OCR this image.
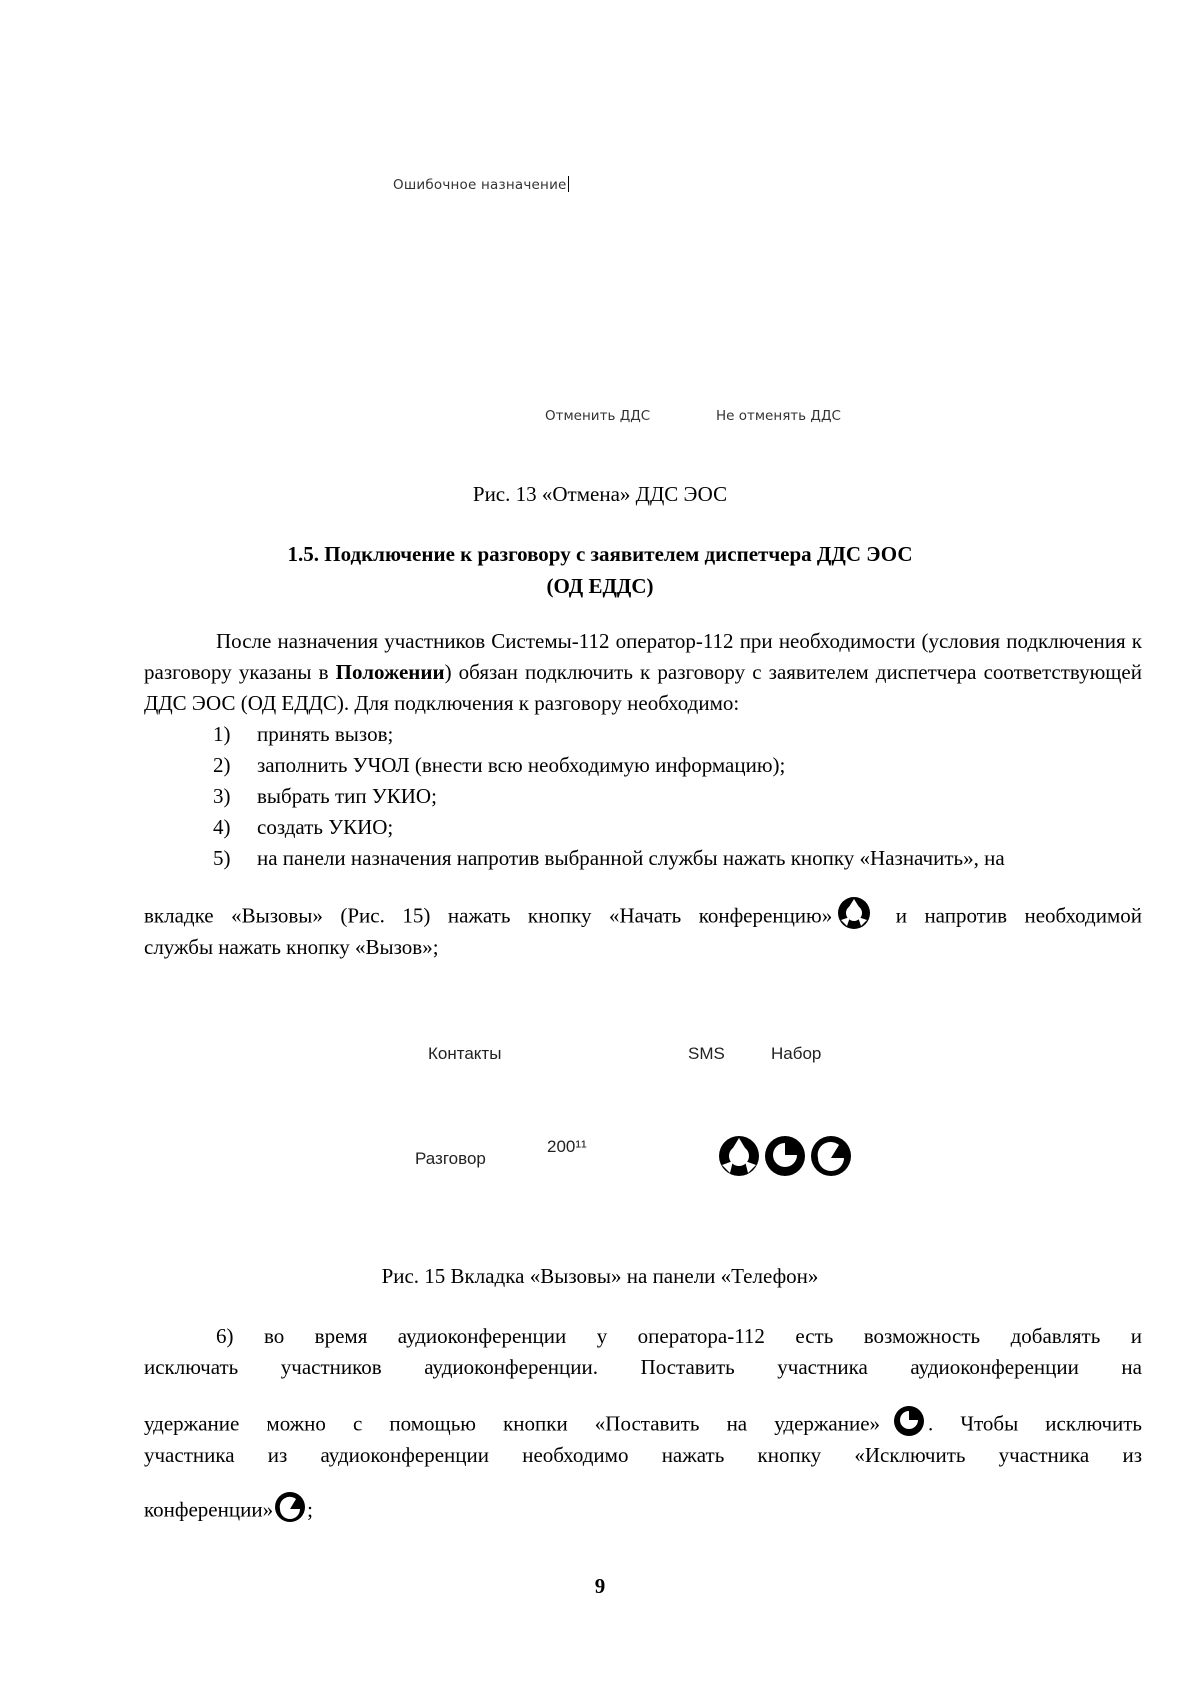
Ошибочное назначение
Отменить ДДС	Не отменять ДДС
Рис. 13 «Отмена» ДДС ЭОС
1.5. Подключение к разговору с заявителем диспетчера ДДС ЭОС
(ОД ЕДДС)
После назначения участников Системы-112 оператор-112 при необходимости (условия подключения к разговору указаны в Положении) обязан подключить к разговору с заявителем диспетчера соответствующей ДДС ЭОС (ОД ЕДДС). Для подключения к разговору необходимо:
1) принять вызов;
2) заполнить УЧОЛ (внести всю необходимую информацию);
3) выбрать тип УКИО;
4) создать УКИО;
5) на панели назначения напротив выбранной службы нажать кнопку «Назначить», на
вкладке «Вызовы» (Рис. 15) нажать кнопку «Начать конференцию» и напротив необходимой
службы нажать кнопку «Вызов»;
Контакты	SMS	Набор
Разговор
200¹¹
Рис. 15 Вкладка «Вызовы» на панели «Телефон»
6) во время аудиоконференции у оператора-112 есть возможность добавлять и
исключать участников аудиоконференции. Поставить участника аудиоконференции на
удержание можно с помощью кнопки «Поставить на удержание» . Чтобы исключить
участника из аудиоконференции необходимо нажать кнопку «Исключить участника из
конференции» ;
9
